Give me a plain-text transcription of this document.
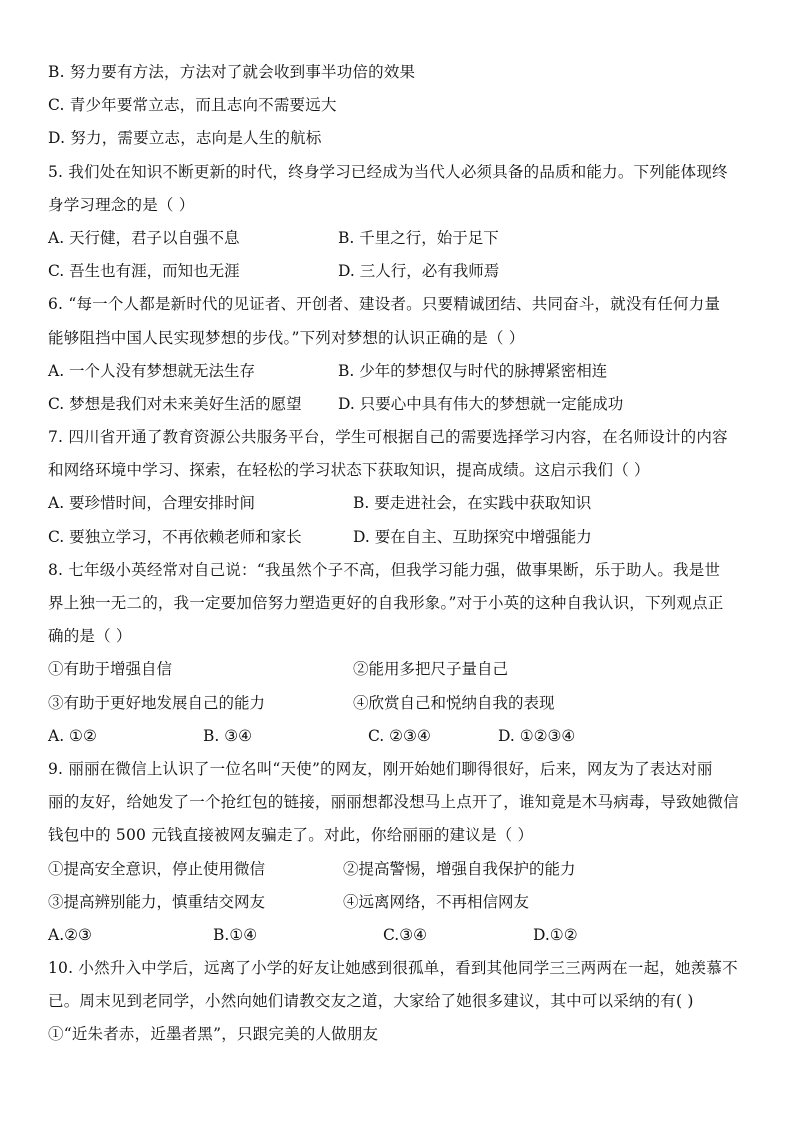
B. 努力要有方法，方法对了就会收到事半功倍的效果
C. 青少年要常立志，而且志向不需要远大
D. 努力，需要立志，志向是人生的航标
5. 我们处在知识不断更新的时代，终身学习已经成为当代人必须具备的品质和能力。下列能体现终
身学习理念的是（ ）
A. 天行健，君子以自强不息	B. 千里之行，始于足下
C. 吾生也有涯，而知也无涯	D. 三人行，必有我师焉
6. “每一个人都是新时代的见证者、开创者、建设者。只要精诚团结、共同奋斗，就没有任何力量
能够阻挡中国人民实现梦想的步伐。”下列对梦想的认识正确的是（ ）
A. 一个人没有梦想就无法生存	B. 少年的梦想仅与时代的脉搏紧密相连
C. 梦想是我们对未来美好生活的愿望	D. 只要心中具有伟大的梦想就一定能成功
7. 四川省开通了教育资源公共服务平台，学生可根据自己的需要选择学习内容，在名师设计的内容
和网络环境中学习、探索，在轻松的学习状态下获取知识，提高成绩。这启示我们（ ）
A. 要珍惜时间，合理安排时间	B. 要走进社会，在实践中获取知识
C. 要独立学习，不再依赖老师和家长	D. 要在自主、互助探究中增强能力
8. 七年级小英经常对自己说：“我虽然个子不高，但我学习能力强，做事果断，乐于助人。我是世
界上独一无二的，我一定要加倍努力塑造更好的自我形象。”对于小英的这种自我认识，下列观点正
确的是（ ）
①有助于增强自信	②能用多把尺子量自己
③有助于更好地发展自己的能力	④欣赏自己和悦纳自我的表现
A. ①②	B. ③④	C. ②③④	D. ①②③④
9. 丽丽在微信上认识了一位名叫“天使”的网友，刚开始她们聊得很好，后来，网友为了表达对丽
丽的友好，给她发了一个抢红包的链接，丽丽想都没想马上点开了，谁知竟是木马病毒，导致她微信
钱包中的 500 元钱直接被网友骗走了。对此，你给丽丽的建议是（ ）
①提高安全意识，停止使用微信	②提高警惕，增强自我保护的能力
③提高辨别能力，慎重结交网友	④远离网络，不再相信网友
A.②③	B.①④	C.③④	D.①②
10. 小然升入中学后，远离了小学的好友让她感到很孤单，看到其他同学三三两两在一起，她羡慕不
已。周末见到老同学，小然向她们请教交友之道，大家给了她很多建议，其中可以采纳的有( )
①“近朱者赤，近墨者黑”，只跟完美的人做朋友
